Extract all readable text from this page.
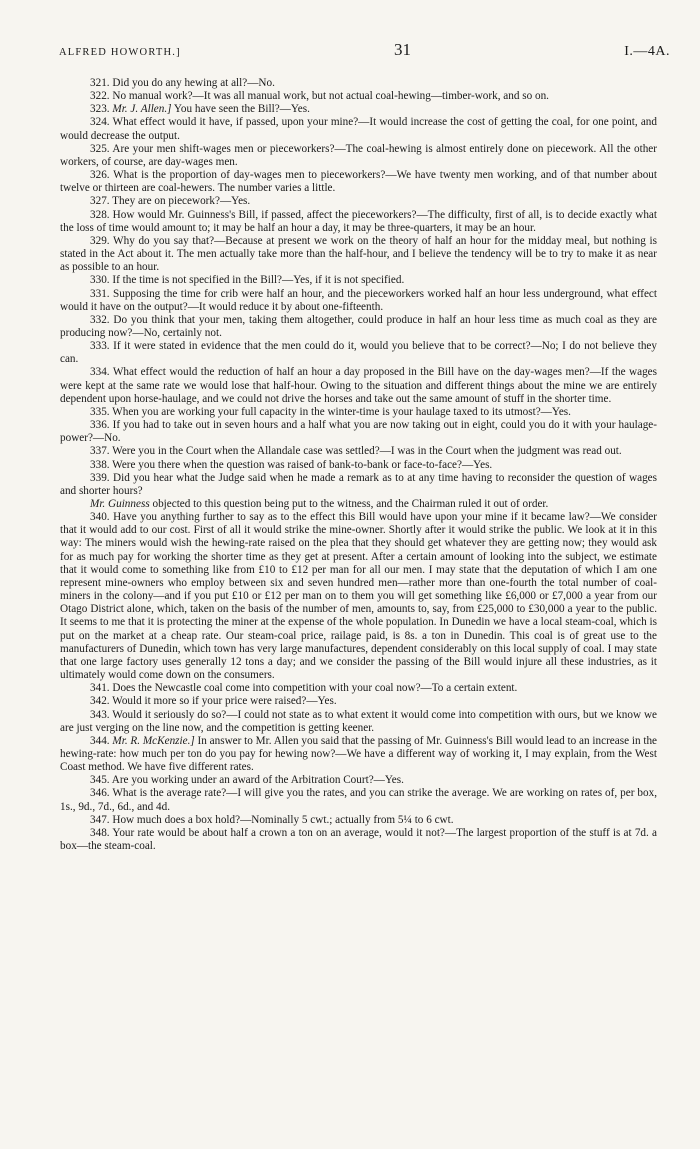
ALFRED HOWORTH.]	31	I.—4A.

321. Did you do any hewing at all?—No.

322. No manual work?—It was all manual work, but not actual coal-hewing—timber-work, and so on.

323. Mr. J. Allen.] You have seen the Bill?—Yes.

324. What effect would it have, if passed, upon your mine?—It would increase the cost of getting the coal, for one point, and would decrease the output.

325. Are your men shift-wages men or pieceworkers?—The coal-hewing is almost entirely done on piecework. All the other workers, of course, are day-wages men.

326. What is the proportion of day-wages men to pieceworkers?—We have twenty men working, and of that number about twelve or thirteen are coal-hewers. The number varies a little.

327. They are on piecework?—Yes.

328. How would Mr. Guinness's Bill, if passed, affect the pieceworkers?—The difficulty, first of all, is to decide exactly what the loss of time would amount to; it may be half an hour a day, it may be three-quarters, it may be an hour.

329. Why do you say that?—Because at present we work on the theory of half an hour for the midday meal, but nothing is stated in the Act about it. The men actually take more than the half-hour, and I believe the tendency will be to try to make it as near as possible to an hour.

330. If the time is not specified in the Bill?—Yes, if it is not specified.

331. Supposing the time for crib were half an hour, and the pieceworkers worked half an hour less underground, what effect would it have on the output?—It would reduce it by about one-fifteenth.

332. Do you think that your men, taking them altogether, could produce in half an hour less time as much coal as they are producing now?—No, certainly not.

333. If it were stated in evidence that the men could do it, would you believe that to be correct?—No; I do not believe they can.

334. What effect would the reduction of half an hour a day proposed in the Bill have on the day-wages men?—If the wages were kept at the same rate we would lose that half-hour. Owing to the situation and different things about the mine we are entirely dependent upon horse-haulage, and we could not drive the horses and take out the same amount of stuff in the shorter time.

335. When you are working your full capacity in the winter-time is your haulage taxed to its utmost?—Yes.

336. If you had to take out in seven hours and a half what you are now taking out in eight, could you do it with your haulage-power?—No.

337. Were you in the Court when the Allandale case was settled?—I was in the Court when the judgment was read out.

338. Were you there when the question was raised of bank-to-bank or face-to-face?—Yes.

339. Did you hear what the Judge said when he made a remark as to at any time having to reconsider the question of wages and shorter hours?

Mr. Guinness objected to this question being put to the witness, and the Chairman ruled it out of order.

340. Have you anything further to say as to the effect this Bill would have upon your mine if it became law?—We consider that it would add to our cost. First of all it would strike the mine-owner. Shortly after it would strike the public. We look at it in this way: The miners would wish the hewing-rate raised on the plea that they should get whatever they are getting now; they would ask for as much pay for working the shorter time as they get at present. After a certain amount of looking into the subject, we estimate that it would come to something like from £10 to £12 per man for all our men. I may state that the deputation of which I am one represent mine-owners who employ between six and seven hundred men—rather more than one-fourth the total number of coal-miners in the colony—and if you put £10 or £12 per man on to them you will get something like £6,000 or £7,000 a year from our Otago District alone, which, taken on the basis of the number of men, amounts to, say, from £25,000 to £30,000 a year to the public. It seems to me that it is protecting the miner at the expense of the whole population. In Dunedin we have a local steam-coal, which is put on the market at a cheap rate. Our steam-coal price, railage paid, is 8s. a ton in Dunedin. This coal is of great use to the manufacturers of Dunedin, which town has very large manufactures, dependent considerably on this local supply of coal. I may state that one large factory uses generally 12 tons a day; and we consider the passing of the Bill would injure all these industries, as it ultimately would come down on the consumers.

341. Does the Newcastle coal come into competition with your coal now?—To a certain extent.

342. Would it more so if your price were raised?—Yes.

343. Would it seriously do so?—I could not state as to what extent it would come into competition with ours, but we know we are just verging on the line now, and the competition is getting keener.

344. Mr. R. McKenzie.] In answer to Mr. Allen you said that the passing of Mr. Guinness's Bill would lead to an increase in the hewing-rate: how much per ton do you pay for hewing now?—We have a different way of working it, I may explain, from the West Coast method. We have five different rates.

345. Are you working under an award of the Arbitration Court?—Yes.

346. What is the average rate?—I will give you the rates, and you can strike the average. We are working on rates of, per box, 1s., 9d., 7d., 6d., and 4d.

347. How much does a box hold?—Nominally 5 cwt.; actually from 5¼ to 6 cwt.

348. Your rate would be about half a crown a ton on an average, would it not?—The largest proportion of the stuff is at 7d. a box—the steam-coal.
